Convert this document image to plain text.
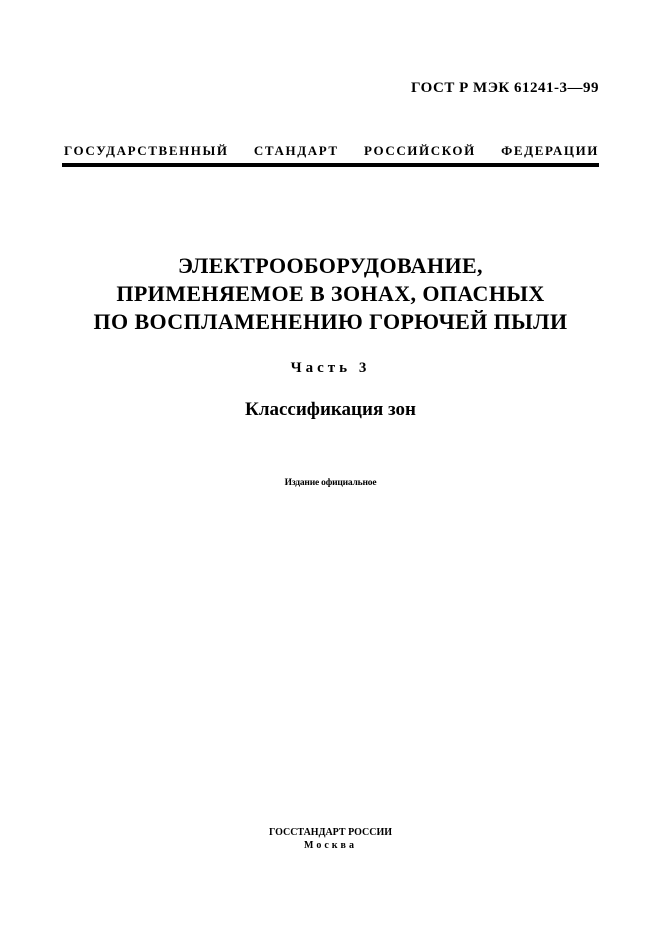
ГОСТ Р МЭК 61241-3—99
ГОСУДАРСТВЕННЫЙ СТАНДАРТ РОССИЙСКОЙ ФЕДЕРАЦИИ
ЭЛЕКТРООБОРУДОВАНИЕ,
ПРИМЕНЯЕМОЕ В ЗОНАХ, ОПАСНЫХ
ПО ВОСПЛАМЕНЕНИЮ ГОРЮЧЕЙ ПЫЛИ
Часть 3
Классификация зон
Издание официальное
ГОССТАНДАРТ РОССИИ
Москва
